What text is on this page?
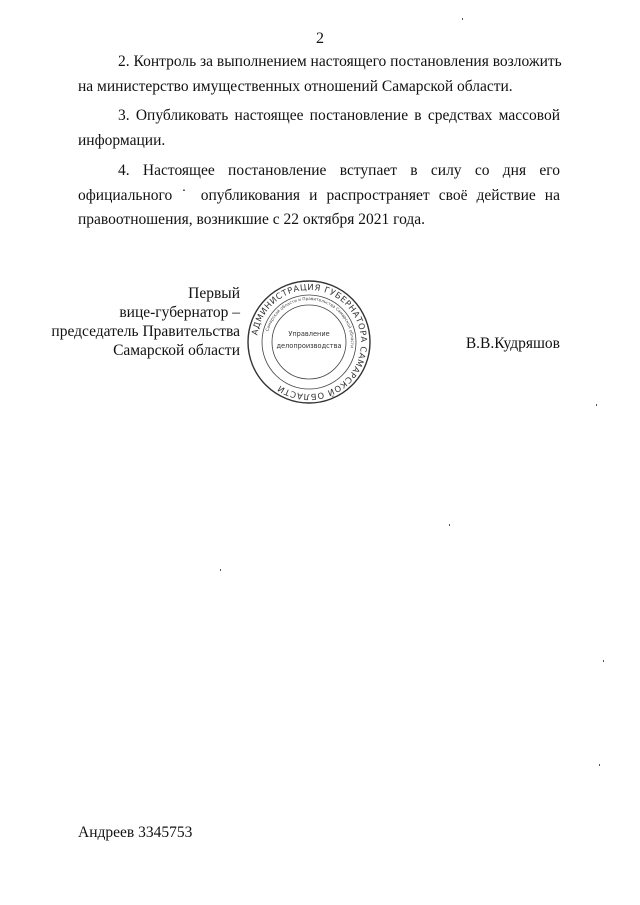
2
2. Контроль за выполнением настоящего постановления возложить
на министерство имущественных отношений Самарской области.
3. Опубликовать настоящее постановление в средствах массовой
информации.
4. Настоящее постановление вступает в силу со дня его
официального ˙ опубликования и распространяет своё действие на
правоотношения, возникшие с 22 октября 2021 года.
Первый
вице-губернатор –
председатель Правительства
Самарской области
АДМИНИСТРАЦИЯ ГУБЕРНАТОРА САМАРСКОЙ ОБЛАСТИ
Самарской области и Правительства Самарской области
Управление
делопроизводства	В.В.Кудряшов
Андреев 3345753
